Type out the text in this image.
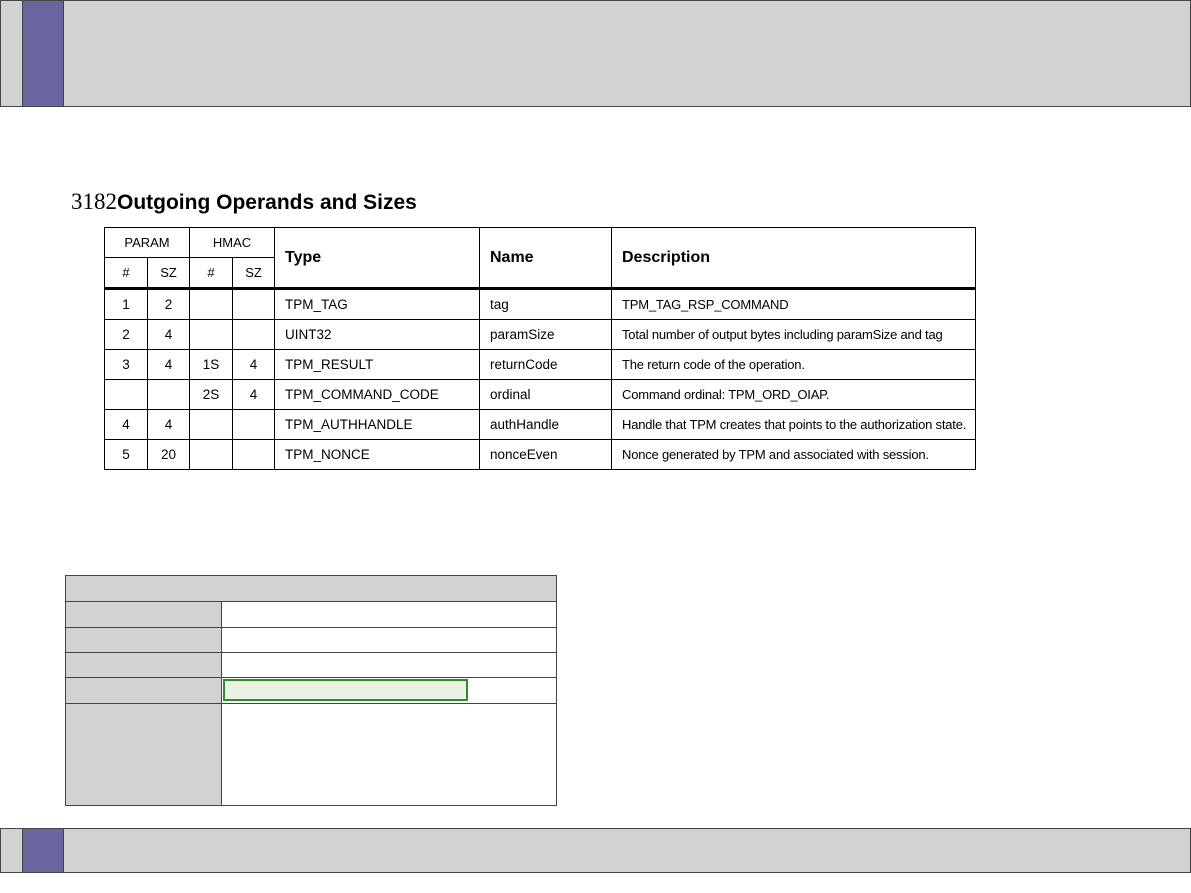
3182Outgoing Operands and Sizes
PARAM		HMAC		Type	Name	Description
#	SZ	#	SZ			
1	2			TPM_TAG	tag	TPM_TAG_RSP_COMMAND
2	4			UINT32	paramSize	Total number of output bytes including paramSize and tag
3	4	1S	4	TPM_RESULT	returnCode	The return code of the operation.
		2S	4	TPM_COMMAND_CODE	ordinal	Command ordinal: TPM_ORD_OIAP.
4	4			TPM_AUTHHANDLE	authHandle	Handle that TPM creates that points to the authorization state.
5	20			TPM_NONCE	nonceEven	Nonce generated by TPM and associated with session.
